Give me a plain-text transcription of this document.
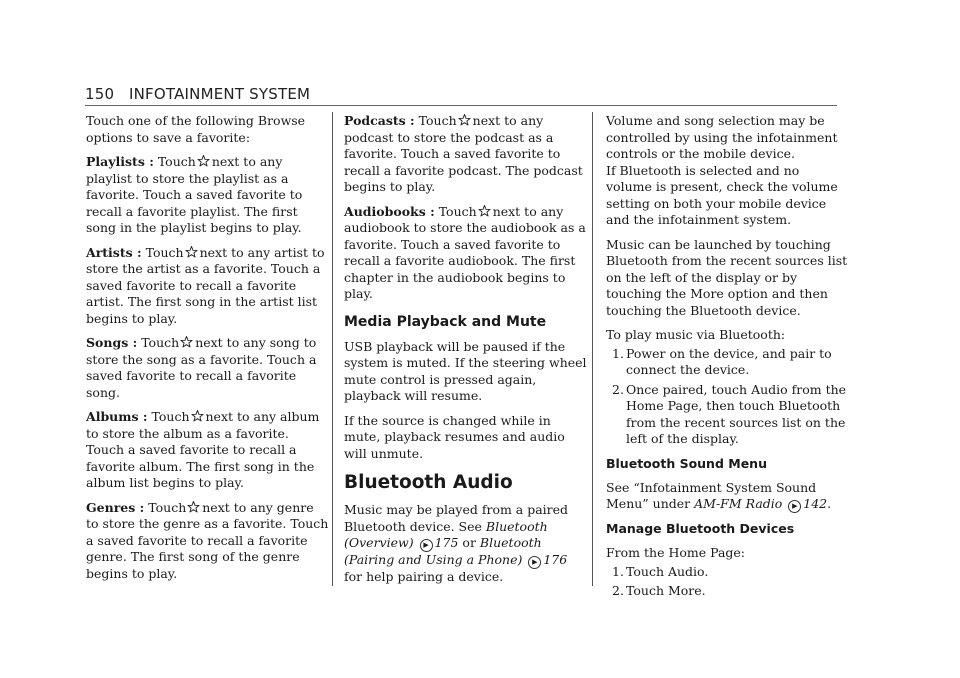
150 INFOTAINMENT SYSTEM

Touch one of the following Browse options to save a favorite:

Playlists : Touch next to any playlist to store the playlist as a favorite. Touch a saved favorite to recall a favorite playlist. The first song in the playlist begins to play.

Artists : Touch next to any artist to store the artist as a favorite. Touch a saved favorite to recall a favorite artist. The first song in the artist list begins to play.

Songs : Touch next to any song to store the song as a favorite. Touch a saved favorite to recall a favorite song.

Albums : Touch next to any album to store the album as a favorite. Touch a saved favorite to recall a favorite album. The first song in the album list begins to play.

Genres : Touch next to any genre to store the genre as a favorite. Touch a saved favorite to recall a favorite genre. The first song of the genre begins to play.

Podcasts : Touch next to any podcast to store the podcast as a favorite. Touch a saved favorite to recall a favorite podcast. The podcast begins to play.

Audiobooks : Touch next to any audiobook to store the audiobook as a favorite. Touch a saved favorite to recall a favorite audiobook. The first chapter in the audiobook begins to play.

Media Playback and Mute

USB playback will be paused if the system is muted. If the steering wheel mute control is pressed again, playback will resume.

If the source is changed while in mute, playback resumes and audio will unmute.

Bluetooth Audio

Music may be played from a paired Bluetooth device. See Bluetooth (Overview) ▶ 175 or Bluetooth (Pairing and Using a Phone) ▶ 176 for help pairing a device.

Volume and song selection may be controlled by using the infotainment controls or the mobile device.

If Bluetooth is selected and no volume is present, check the volume setting on both your mobile device and the infotainment system.

Music can be launched by touching Bluetooth from the recent sources list on the left of the display or by touching the More option and then touching the Bluetooth device.

To play music via Bluetooth:

1. Power on the device, and pair to connect the device.
2. Once paired, touch Audio from the Home Page, then touch Bluetooth from the recent sources list on the left of the display.
Bluetooth Sound Menu

See “Infotainment System Sound Menu” under AM-FM Radio ▶ 142.

Manage Bluetooth Devices

From the Home Page:

1. Touch Audio.
2. Touch More.
